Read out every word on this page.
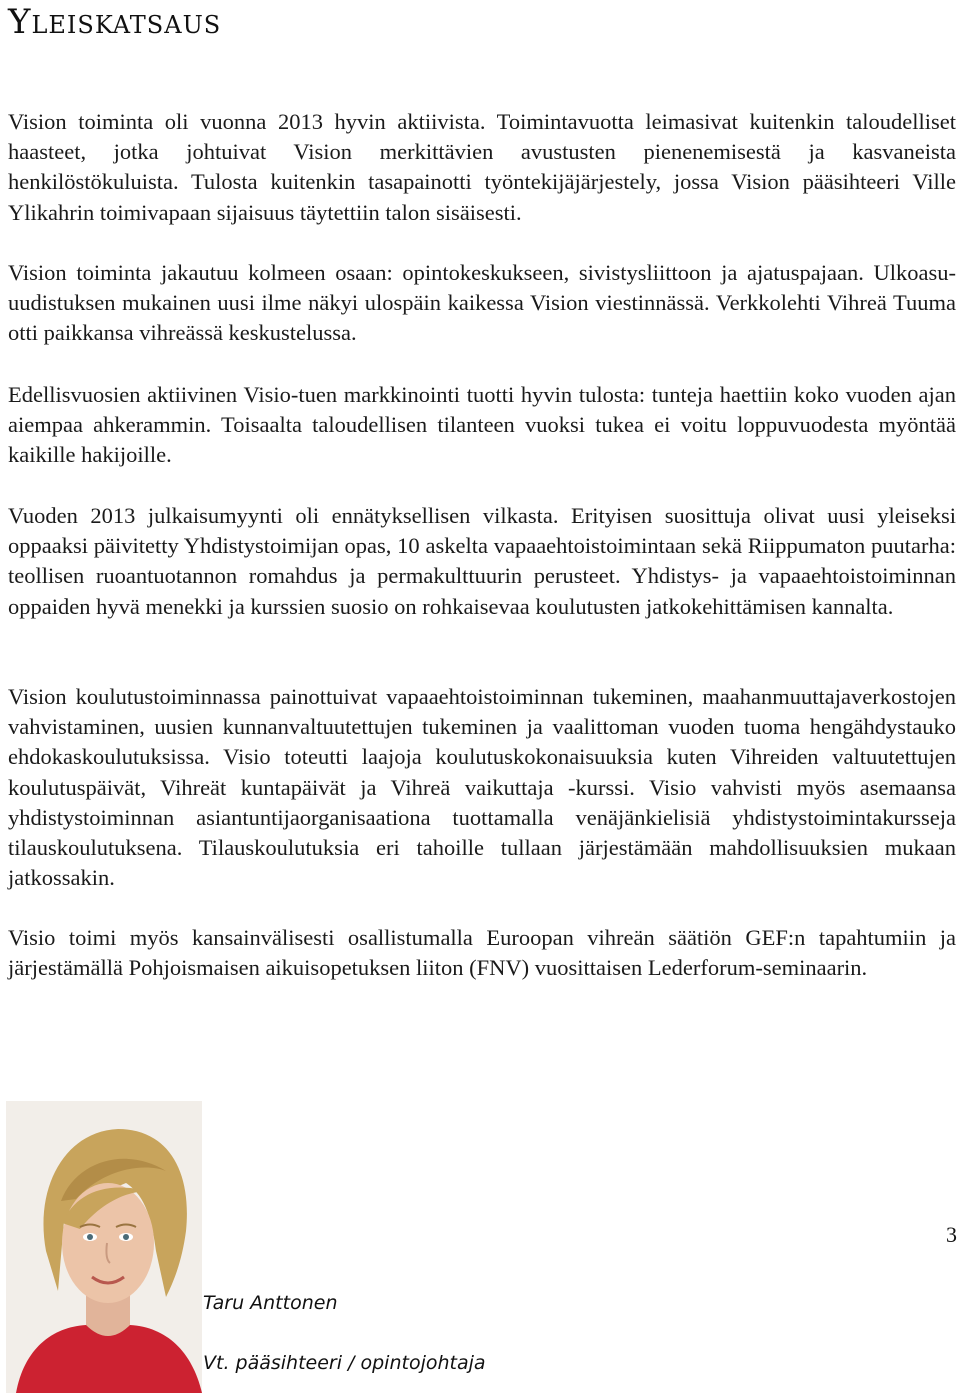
Yleiskatsaus

Vision toiminta oli vuonna 2013 hyvin aktiivista. Toimintavuotta leimasivat kuitenkin taloudelliset haasteet, jotka johtuivat Vision merkittävien avustusten pienenemisestä ja kasvaneista henkilöstökuluista. Tulosta kuitenkin tasapainotti työntekijäjärjestely, jossa Vision pääsihteeri Ville Ylikahrin toimivapaan sijaisuus täytettiin talon sisäisesti.

Vision toiminta jakautuu kolmeen osaan: opintokeskukseen, sivistysliittoon ja ajatuspajaan. Ulkoasu-uudistuksen mukainen uusi ilme näkyi ulospäin kaikessa Vision viestinnässä. Verkkolehti Vihreä Tuuma otti paikkansa vihreässä keskustelussa.

Edellisvuosien aktiivinen Visio-tuen markkinointi tuotti hyvin tulosta: tunteja haettiin koko vuoden ajan aiempaa ahkerammin. Toisaalta taloudellisen tilanteen vuoksi tukea ei voitu loppuvuodesta myöntää kaikille hakijoille.

Vuoden 2013 julkaisumyynti oli ennätyksellisen vilkasta. Erityisen suosittuja olivat uusi yleiseksi oppaaksi päivitetty Yhdistystoimijan opas, 10 askelta vapaaehtoistoimintaan sekä Riippumaton puutarha: teollisen ruoantuotannon romahdus ja permakulttuurin perusteet. Yhdistys- ja vapaaehtoistoiminnan oppaiden hyvä menekki ja kurssien suosio on rohkaisevaa koulutusten jatkokehittämisen kannalta.

Vision koulutustoiminnassa painottuivat vapaaehtoistoiminnan tukeminen, maahanmuuttajaverkostojen vahvistaminen, uusien kunnanvaltuutettujen tukeminen ja vaalittoman vuoden tuoma hengähdystauko ehdokaskoulutuksissa. Visio toteutti laajoja koulutuskokonaisuuksia kuten Vihreiden valtuutettujen koulutuspäivät, Vihreät kuntapäivät ja Vihreä vaikuttaja -kurssi. Visio vahvisti myös asemaansa yhdistystoiminnan asiantuntijaorganisaationa tuottamalla venäjänkielisiä yhdistystoimintakursseja tilauskoulutuksena. Tilauskoulutuksia eri tahoille tullaan järjestämään mahdollisuuksien mukaan jatkossakin.

Visio toimi myös kansainvälisesti osallistumalla Euroopan vihreän säätiön GEF:n tapahtumiin ja järjestämällä Pohjoismaisen aikuisopetuksen liiton (FNV) vuosittaisen Lederforum-seminaarin.

3
Taru Anttonen
Vt. pääsihteeri / opintojohtaja
